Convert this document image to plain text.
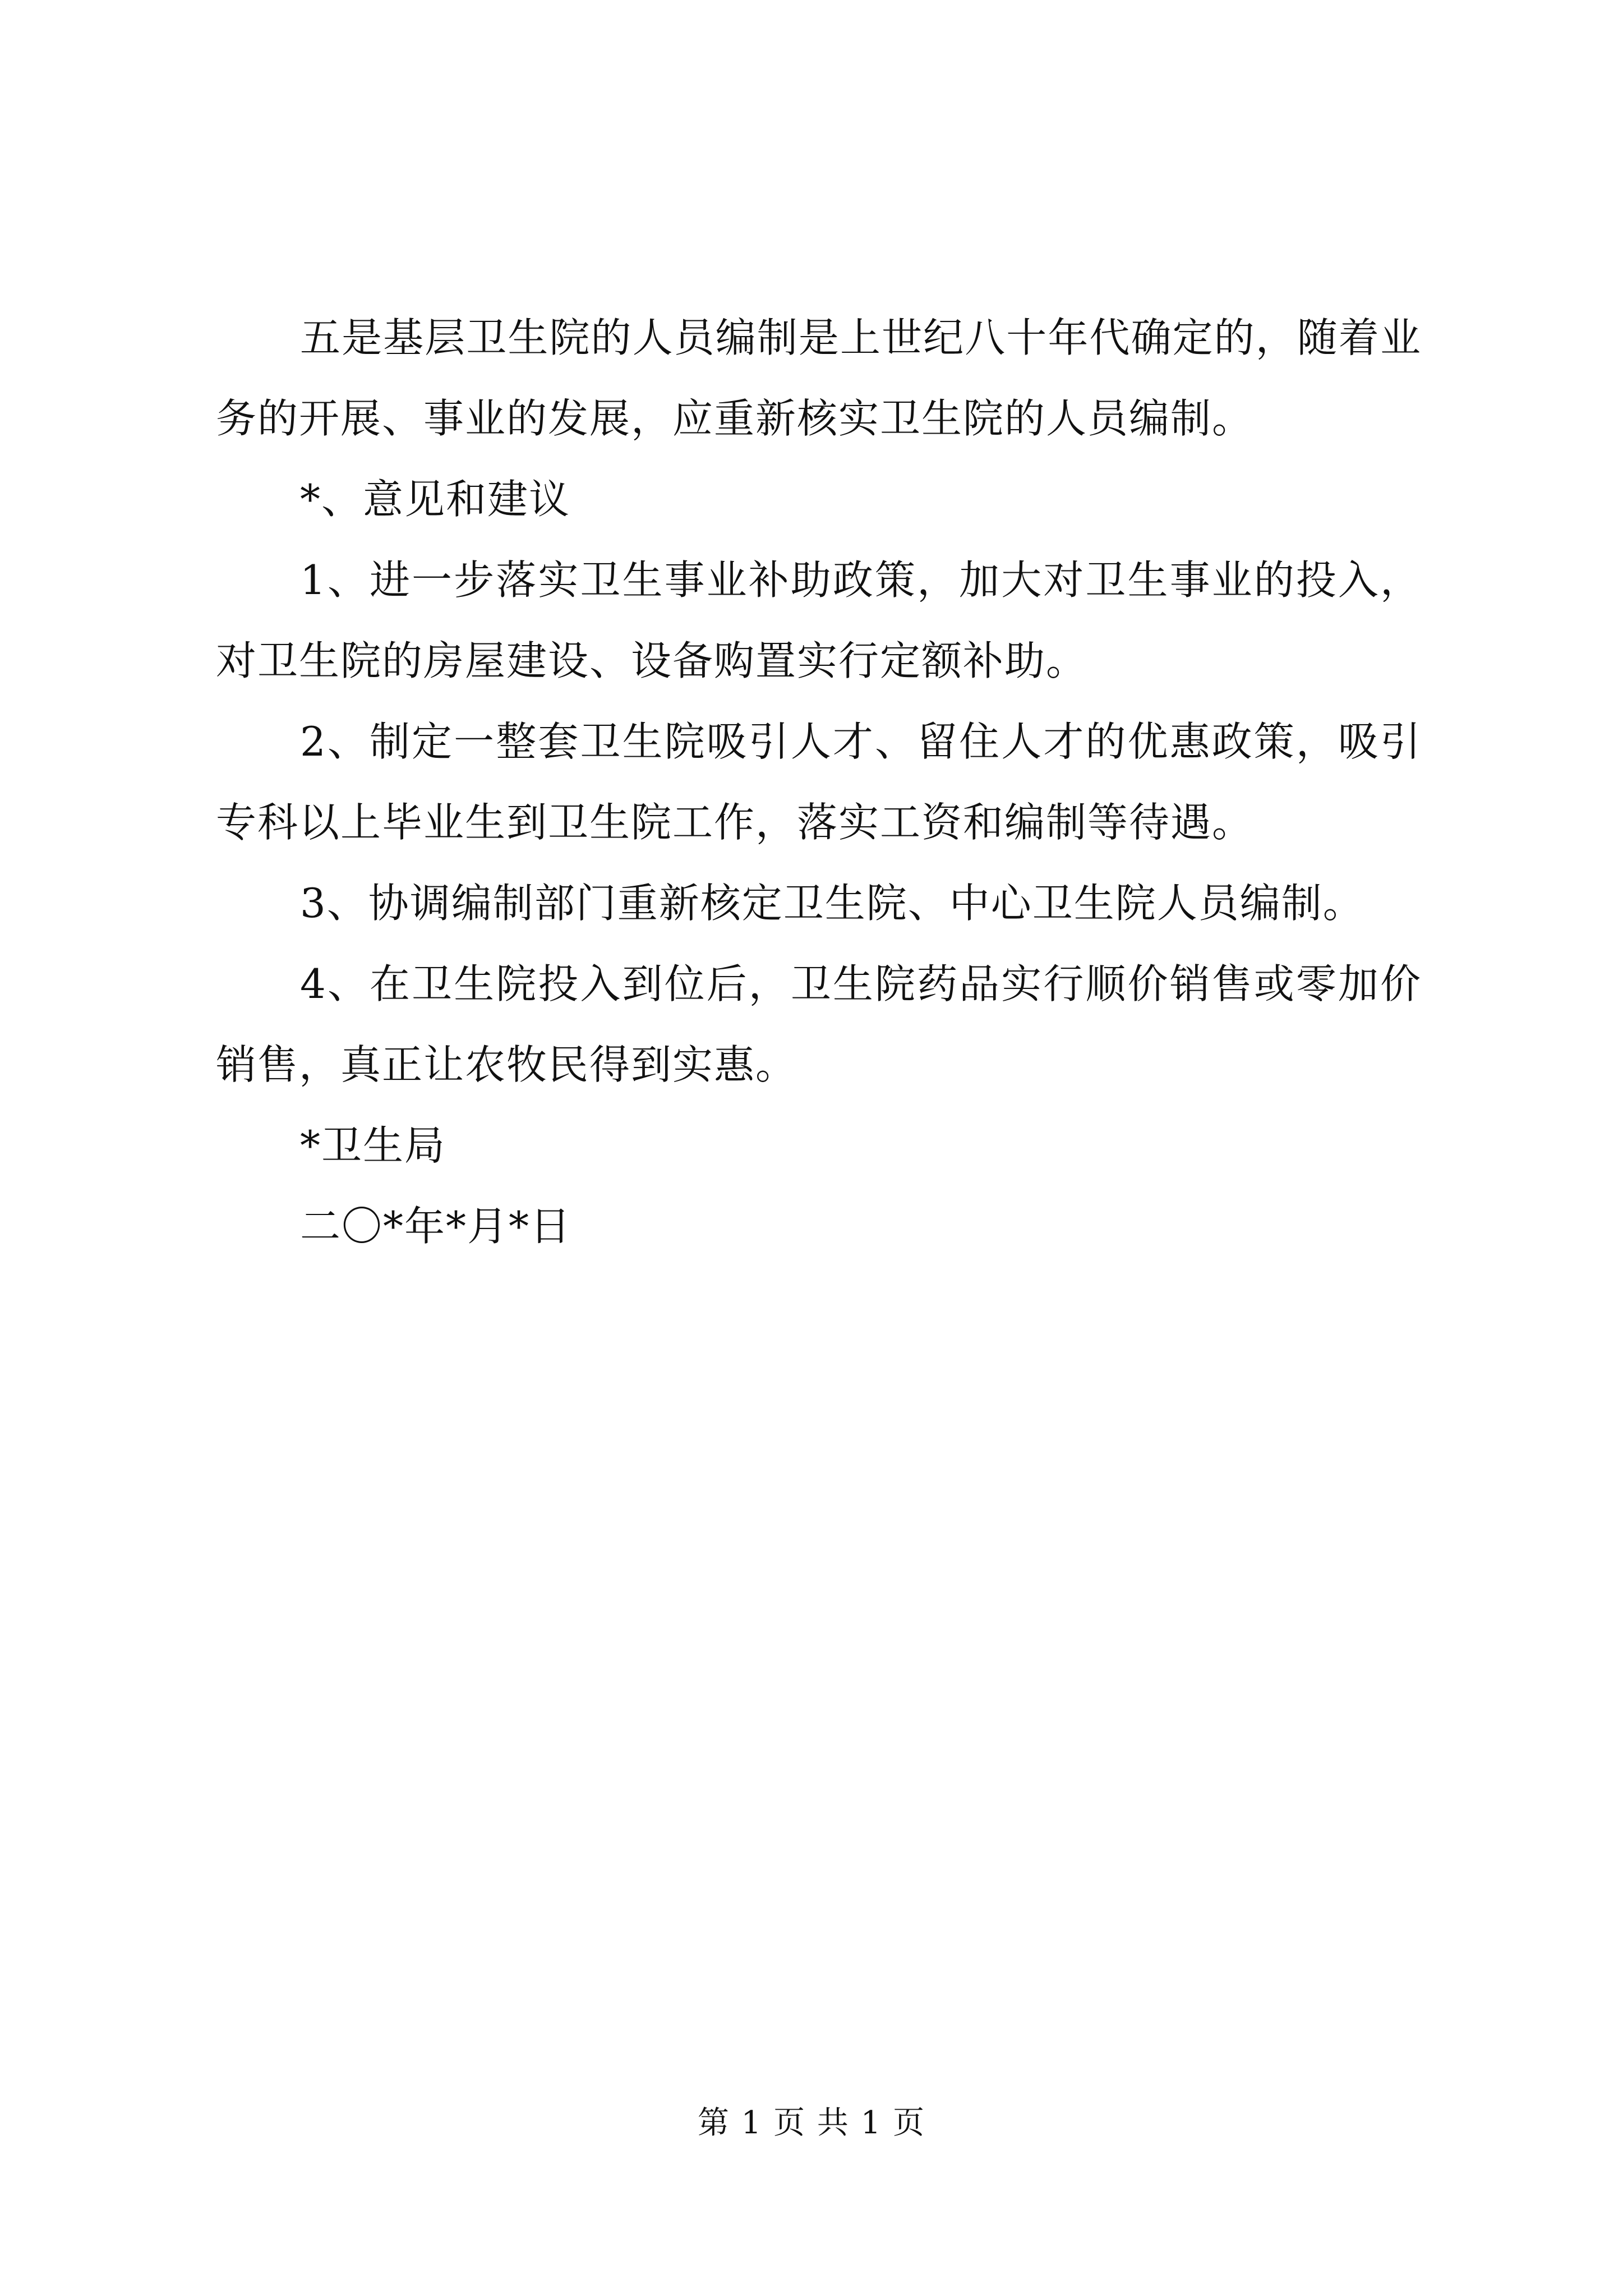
五是基层卫生院的人员编制是上世纪八十年代确定的，随着业务的开展、事业的发展，应重新核实卫生院的人员编制。

*、意见和建议

1、进一步落实卫生事业补助政策，加大对卫生事业的投入，对卫生院的房屋建设、设备购置实行定额补助。

2、制定一整套卫生院吸引人才、留住人才的优惠政策，吸引专科以上毕业生到卫生院工作，落实工资和编制等待遇。

3、协调编制部门重新核定卫生院、中心卫生院人员编制。

4、在卫生院投入到位后，卫生院药品实行顺价销售或零加价销售，真正让农牧民得到实惠。

*卫生局

二〇*年*月*日

第 1 页 共 1 页
